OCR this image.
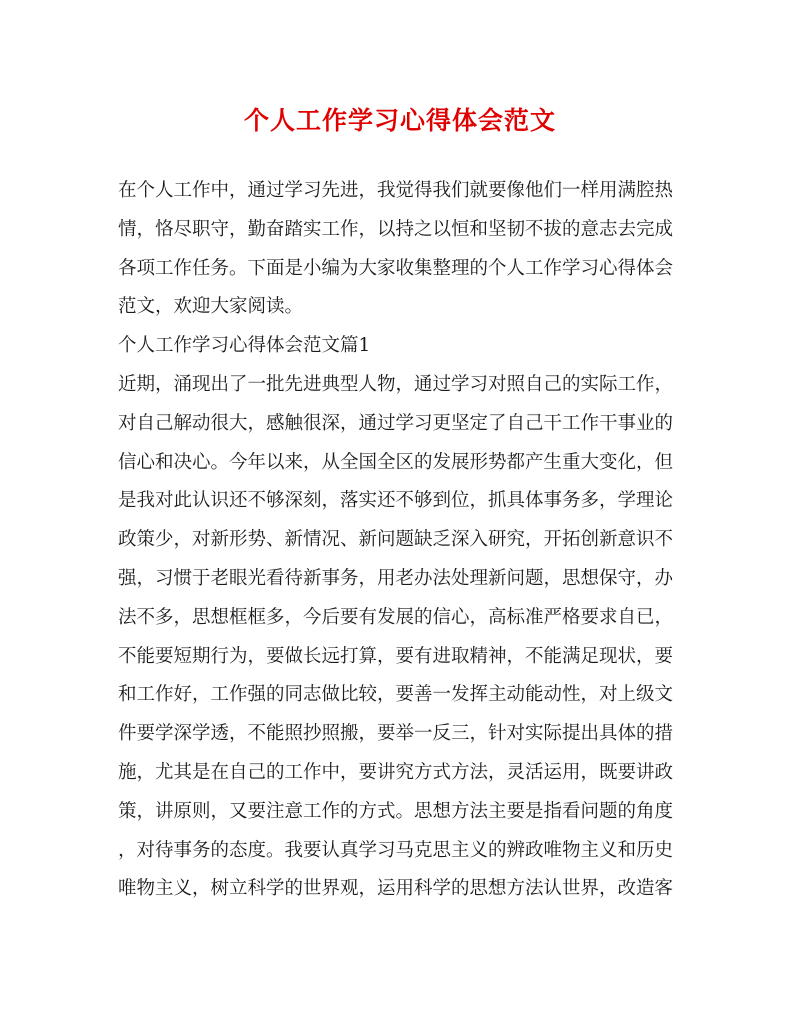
个人工作学习心得体会范文
在个人工作中，通过学习先进，我觉得我们就要像他们一样用满腔热
情，恪尽职守，勤奋踏实工作，以持之以恒和坚韧不拔的意志去完成
各项工作任务。下面是小编为大家收集整理的个人工作学习心得体会
范文，欢迎大家阅读。
个人工作学习心得体会范文篇1
近期，涌现出了一批先进典型人物，通过学习对照自己的实际工作，
对自己解动很大，感触很深，通过学习更坚定了自己干工作干事业的
信心和决心。今年以来，从全国全区的发展形势都产生重大变化，但
是我对此认识还不够深刻，落实还不够到位，抓具体事务多，学理论
政策少，对新形势、新情况、新问题缺乏深入研究，开拓创新意识不
强，习惯于老眼光看待新事务，用老办法处理新问题，思想保守，办
法不多，思想框框多，今后要有发展的信心，高标准严格要求自已，
不能要短期行为，要做长远打算，要有进取精神，不能满足现状，要
和工作好，工作强的同志做比较，要善一发挥主动能动性，对上级文
件要学深学透，不能照抄照搬，要举一反三，针对实际提出具体的措
施，尤其是在自己的工作中，要讲究方式方法，灵活运用，既要讲政
策，讲原则，又要注意工作的方式。思想方法主要是指看问题的角度
，对待事务的态度。我要认真学习马克思主义的辨政唯物主义和历史
唯物主义，树立科学的世界观，运用科学的思想方法认世界，改造客
